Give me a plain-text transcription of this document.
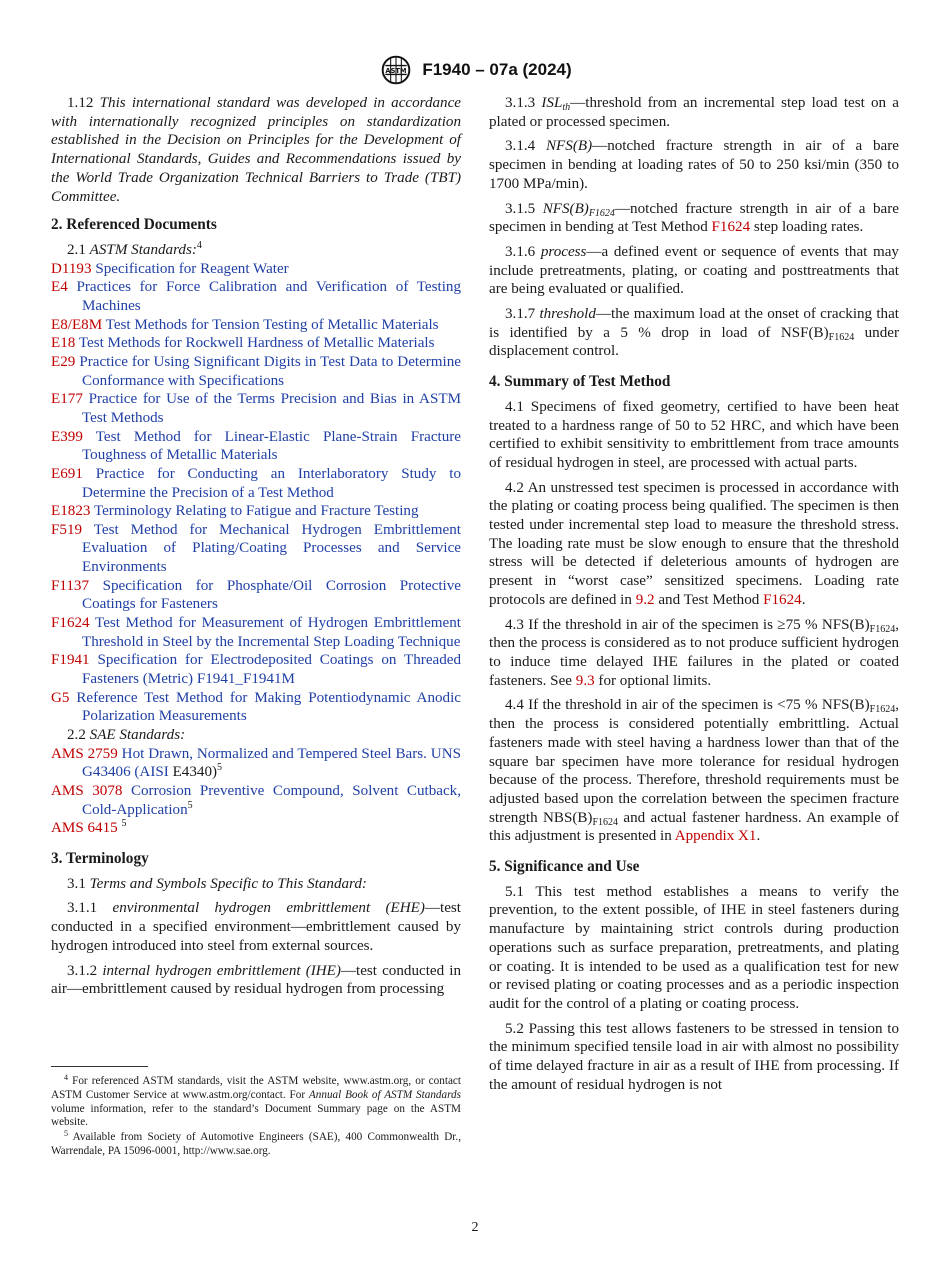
ASTM F1940 – 07a (2024)

1.12 This international standard was developed in accordance with internationally recognized principles on standardization established in the Decision on Principles for the Development of International Standards, Guides and Recommendations issued by the World Trade Organization Technical Barriers to Trade (TBT) Committee.

2. Referenced Documents

2.1 ASTM Standards:$^4$

D1193 Specification for Reagent Water

E4 Practices for Force Calibration and Verification of Testing Machines

E8/E8M Test Methods for Tension Testing of Metallic Materials

E18 Test Methods for Rockwell Hardness of Metallic Materials

E29 Practice for Using Significant Digits in Test Data to Determine Conformance with Specifications

E177 Practice for Use of the Terms Precision and Bias in ASTM Test Methods

E399 Test Method for Linear-Elastic Plane-Strain Fracture Toughness of Metallic Materials

E691 Practice for Conducting an Interlaboratory Study to Determine the Precision of a Test Method

E1823 Terminology Relating to Fatigue and Fracture Testing

F519 Test Method for Mechanical Hydrogen Embrittlement Evaluation of Plating/Coating Processes and Service Environments

F1137 Specification for Phosphate/Oil Corrosion Protective Coatings for Fasteners

F1624 Test Method for Measurement of Hydrogen Embrittlement Threshold in Steel by the Incremental Step Loading Technique

F1941 Specification for Electrodeposited Coatings on Threaded Fasteners (Metric) F1941_F1941M

G5 Reference Test Method for Making Potentiodynamic Anodic Polarization Measurements

2.2 SAE Standards:

AMS 2759 Hot Drawn, Normalized and Tempered Steel Bars. UNS G43406 (AISI E4340)$^5$

AMS 3078 Corrosion Preventive Compound, Solvent Cutback, Cold-Application$^5$

AMS 6415 $^5$

3. Terminology

3.1 Terms and Symbols Specific to This Standard:

3.1.1 environmental hydrogen embrittlement (EHE)—test conducted in a specified environment—embrittlement caused by hydrogen introduced into steel from external sources.

3.1.2 internal hydrogen embrittlement (IHE)—test conducted in air—embrittlement caused by residual hydrogen from processing

$^4$ For referenced ASTM standards, visit the ASTM website, www.astm.org, or contact ASTM Customer Service at www.astm.org/contact. For Annual Book of ASTM Standards volume information, refer to the standard’s Document Summary page on the ASTM website.

$^5$ Available from Society of Automotive Engineers (SAE), 400 Commonwealth Dr., Warrendale, PA 15096-0001, http://www.sae.org.

3.1.3 $ISL_{th}—threshold$ from an incremental step load test on a plated or processed specimen.

3.1.4 NFS(B)—notched fracture strength in air of a bare specimen in bending at loading rates of 50 to 250 ksi/min (350 to 1700 MPa/min).

3.1.5 $NFS(B)_{F1624}—notched$ fracture strength in air of a bare specimen in bending at Test Method F1624 step loading rates.

3.1.6 process—a defined event or sequence of events that may include pretreatments, plating, or coating and posttreatments that are being evaluated or qualified.

3.1.7 threshold—the maximum load at the onset of cracking that is identified by a 5 % drop in load of $NSF(B)_{F1624}$ under displacement control.

4. Summary of Test Method

4.1 Specimens of fixed geometry, certified to have been heat treated to a hardness range of 50 to 52 HRC, and which have been certified to exhibit sensitivity to embrittlement from trace amounts of residual hydrogen in steel, are processed with actual parts.

4.2 An unstressed test specimen is processed in accordance with the plating or coating process being qualified. The specimen is then tested under incremental step load to measure the threshold stress. The loading rate must be slow enough to ensure that the threshold stress will be detected if deleterious amounts of hydrogen are present in “worst case” sensitized specimens. Loading rate protocols are defined in 9.2 and Test Method F1624.

4.3 If the threshold in air of the specimen is ≥75 % $NFS(B)_{F1624}$, then the process is considered as to not produce sufficient hydrogen to induce time delayed IHE failures in the plated or coated fasteners. See 9.3 for optional limits.

4.4 If the threshold in air of the specimen is <75 % $NFS(B)_{F1624}$, then the process is considered potentially embrittling. Actual fasteners made with steel having a hardness lower than that of the square bar specimen have more tolerance for residual hydrogen because of the process. Therefore, threshold requirements must be adjusted based upon the correlation between the specimen fracture strength $NBS(B)_{F1624}$ and actual fastener hardness. An example of this adjustment is presented in Appendix X1.

5. Significance and Use

5.1 This test method establishes a means to verify the prevention, to the extent possible, of IHE in steel fasteners during manufacture by maintaining strict controls during production operations such as surface preparation, pretreatments, and plating or coating. It is intended to be used as a qualification test for new or revised plating or coating processes and as a periodic inspection audit for the control of a plating or coating process.

5.2 Passing this test allows fasteners to be stressed in tension to the minimum specified tensile load in air with almost no possibility of time delayed fracture in air as a result of IHE from processing. If the amount of residual hydrogen is not

2
